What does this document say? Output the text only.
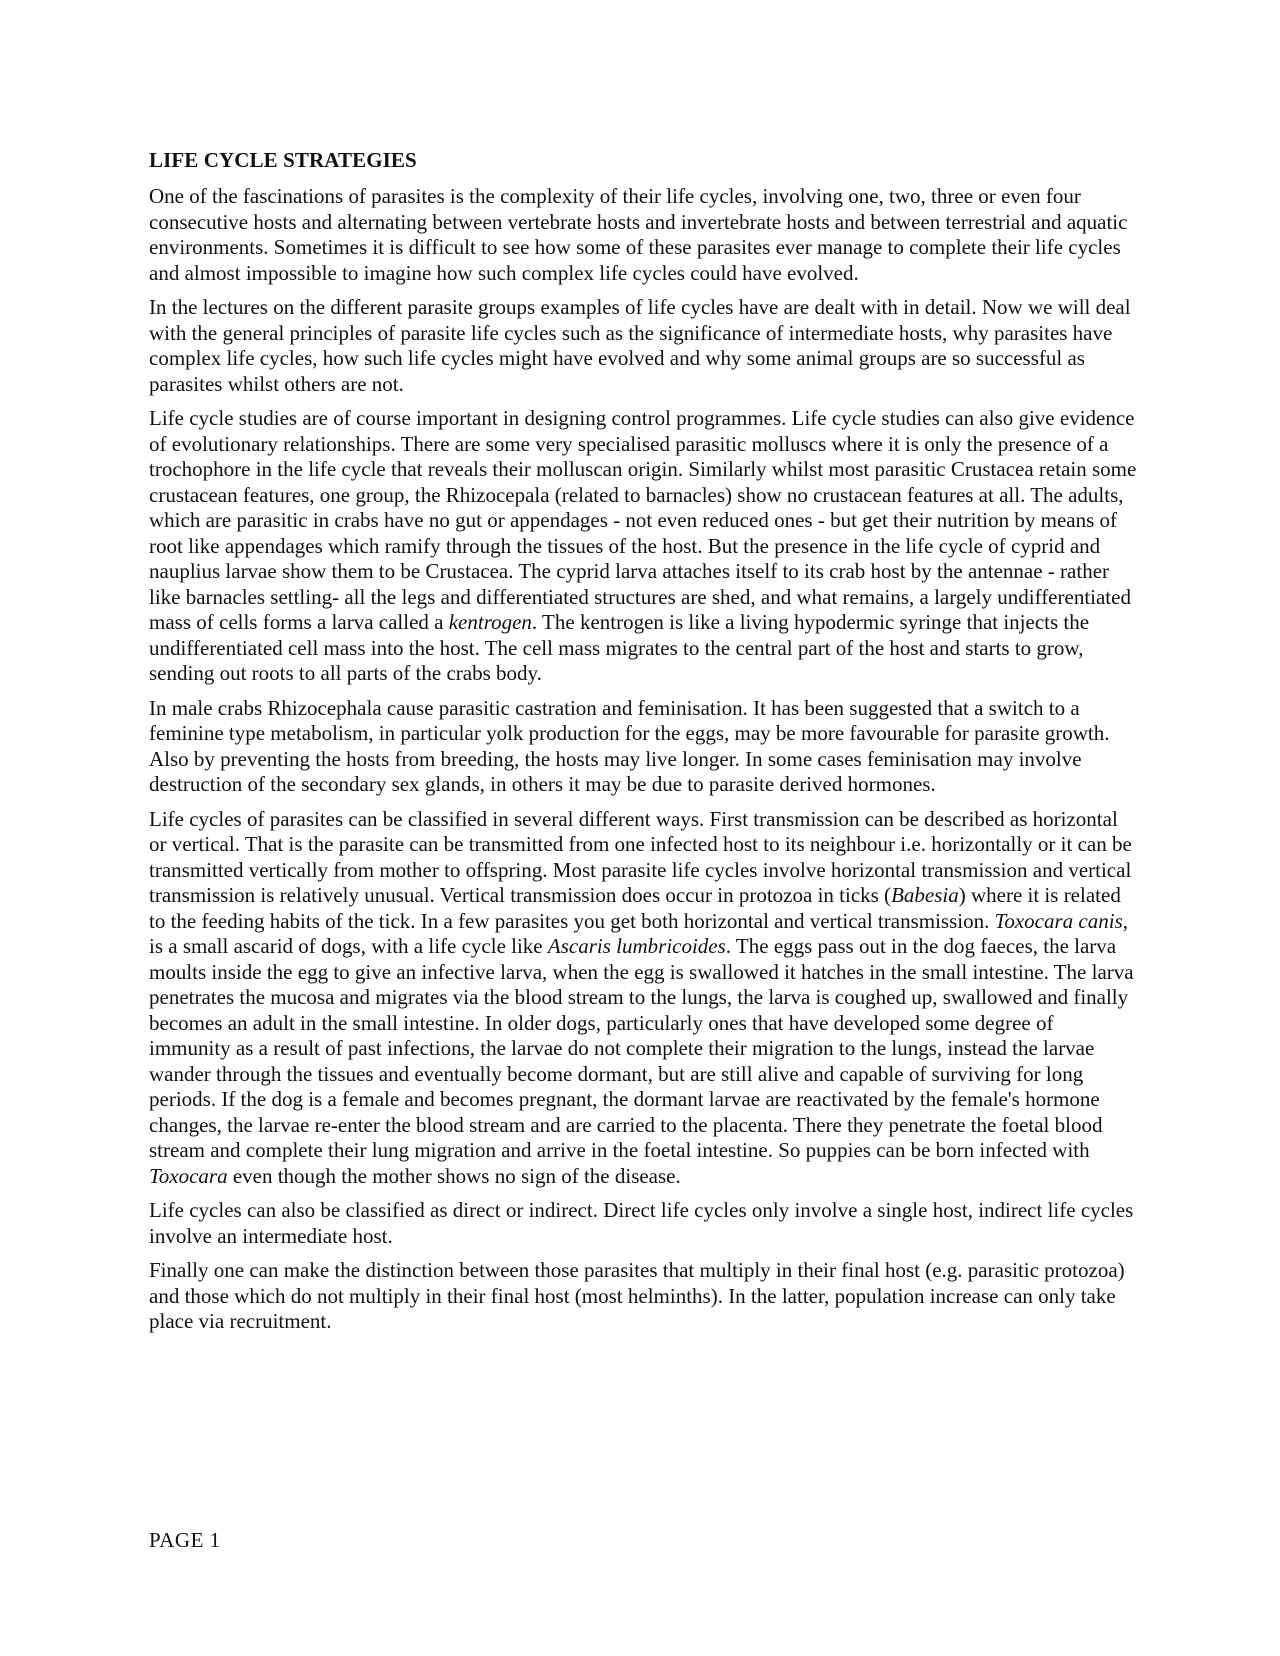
LIFE CYCLE STRATEGIES

One of the fascinations of parasites is the complexity of their life cycles, involving one, two, three or even four consecutive hosts and alternating between vertebrate hosts and invertebrate hosts and between terrestrial and aquatic environments. Sometimes it is difficult to see how some of these parasites ever manage to complete their life cycles and almost impossible to imagine how such complex life cycles could have evolved.

In the lectures on the different parasite groups examples of life cycles have are dealt with in detail. Now we will deal with the general principles of parasite life cycles such as the significance of intermediate hosts, why parasites have complex life cycles, how such life cycles might have evolved and why some animal groups are so successful as parasites whilst others are not.

Life cycle studies are of course important in designing control programmes. Life cycle studies can also give evidence of evolutionary relationships. There are some very specialised parasitic molluscs where it is only the presence of a trochophore in the life cycle that reveals their molluscan origin. Similarly whilst most parasitic Crustacea retain some crustacean features, one group, the Rhizocepala (related to barnacles) show no crustacean features at all. The adults, which are parasitic in crabs have no gut or appendages - not even reduced ones - but get their nutrition by means of root like appendages which ramify through the tissues of the host. But the presence in the life cycle of cyprid and nauplius larvae show them to be Crustacea. The cyprid larva attaches itself to its crab host by the antennae - rather like barnacles settling- all the legs and differentiated structures are shed, and what remains, a largely undifferentiated mass of cells forms a larva called a kentrogen. The kentrogen is like a living hypodermic syringe that injects the undifferentiated cell mass into the host. The cell mass migrates to the central part of the host and starts to grow, sending out roots to all parts of the crabs body.

In male crabs Rhizocephala cause parasitic castration and feminisation. It has been suggested that a switch to a feminine type metabolism, in particular yolk production for the eggs, may be more favourable for parasite growth. Also by preventing the hosts from breeding, the hosts may live longer. In some cases feminisation may involve destruction of the secondary sex glands, in others it may be due to parasite derived hormones.

Life cycles of parasites can be classified in several different ways. First transmission can be described as horizontal or vertical. That is the parasite can be transmitted from one infected host to its neighbour i.e. horizontally or it can be transmitted vertically from mother to offspring. Most parasite life cycles involve horizontal transmission and vertical transmission is relatively unusual. Vertical transmission does occur in protozoa in ticks (Babesia) where it is related to the feeding habits of the tick. In a few parasites you get both horizontal and vertical transmission. Toxocara canis, is a small ascarid of dogs, with a life cycle like Ascaris lumbricoides. The eggs pass out in the dog faeces, the larva moults inside the egg to give an infective larva, when the egg is swallowed it hatches in the small intestine. The larva penetrates the mucosa and migrates via the blood stream to the lungs, the larva is coughed up, swallowed and finally becomes an adult in the small intestine. In older dogs, particularly ones that have developed some degree of immunity as a result of past infections, the larvae do not complete their migration to the lungs, instead the larvae wander through the tissues and eventually become dormant, but are still alive and capable of surviving for long periods. If the dog is a female and becomes pregnant, the dormant larvae are reactivated by the female's hormone changes, the larvae re-enter the blood stream and are carried to the placenta. There they penetrate the foetal blood stream and complete their lung migration and arrive in the foetal intestine. So puppies can be born infected with Toxocara even though the mother shows no sign of the disease.

Life cycles can also be classified as direct or indirect. Direct life cycles only involve a single host, indirect life cycles involve an intermediate host.

Finally one can make the distinction between those parasites that multiply in their final host (e.g. parasitic protozoa) and those which do not multiply in their final host (most helminths). In the latter, population increase can only take place via recruitment.

PAGE 1
